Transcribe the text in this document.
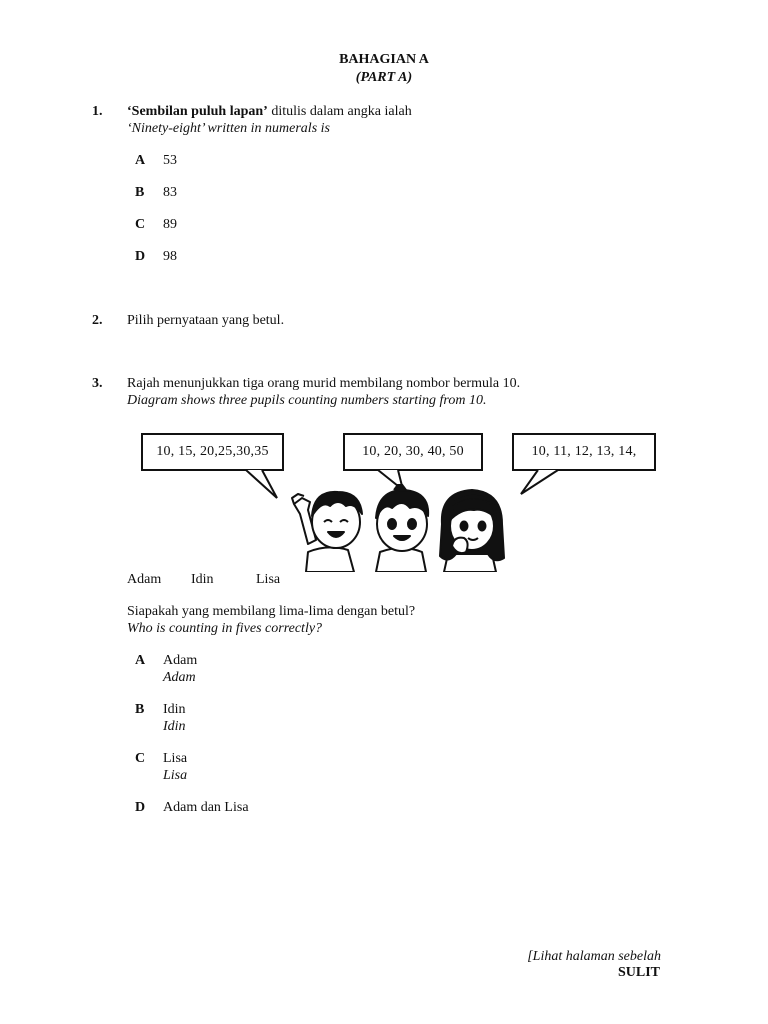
BAHAGIAN A
(PART A)
1. ‘Sembilan puluh lapan’ ditulis dalam angka ialah
‘Ninety-eight’ written in numerals is
A 53
B 83
C 89
D 98
2. Pilih pernyataan yang betul.
3. Rajah menunjukkan tiga orang murid membilang nombor bermula 10.
Diagram shows three pupils counting numbers starting from 10.
10, 15, 20,25,30,35	10, 20, 30, 40, 50	10, 11, 12, 13, 14,
Adam Idin	Lisa
Siapakah yang membilang lima-lima dengan betul?
Who is counting in fives correctly?
A Adam
Adam
B Idin
Idin
C Lisa
Lisa
D Adam dan Lisa
[Lihat halaman sebelah
SULIT
